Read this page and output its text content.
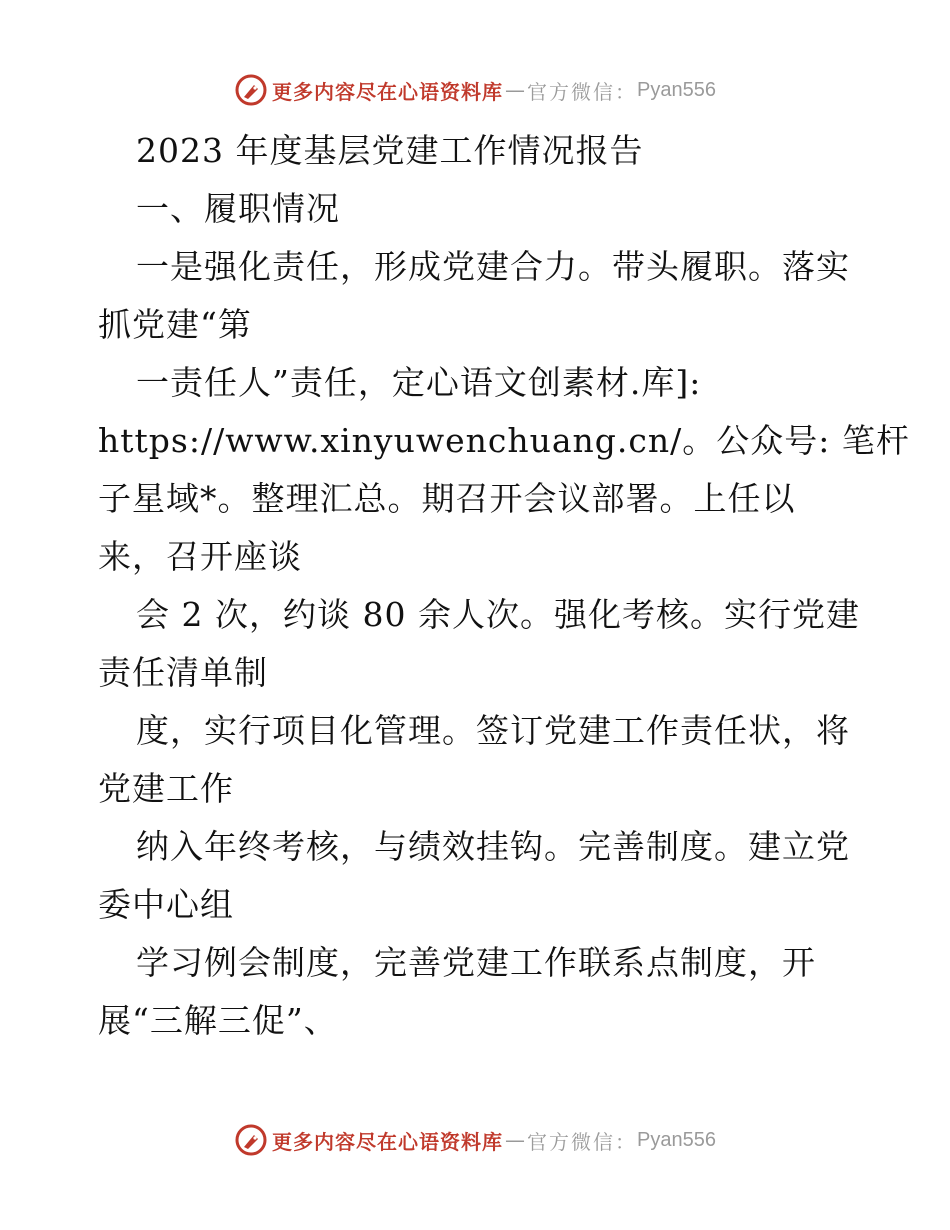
更多内容尽在心语资料库 — 官方微信： Pyan556
2023 年度基层党建工作情况报告
一、履职情况
一是强化责任，形成党建合力。带头履职。落实
抓党建“第
一责任人”责任，定心语文创素材.库]:
https://www.xinyuwenchuang.cn/。公众号: 笔杆
子星域*。整理汇总。期召开会议部署。上任以
来，召开座谈
会 2 次，约谈 80 余人次。强化考核。实行党建
责任清单制
度，实行项目化管理。签订党建工作责任状，将
党建工作
纳入年终考核，与绩效挂钩。完善制度。建立党
委中心组
学习例会制度，完善党建工作联系点制度，开
展“三解三促”、
更多内容尽在心语资料库 — 官方微信： Pyan556
